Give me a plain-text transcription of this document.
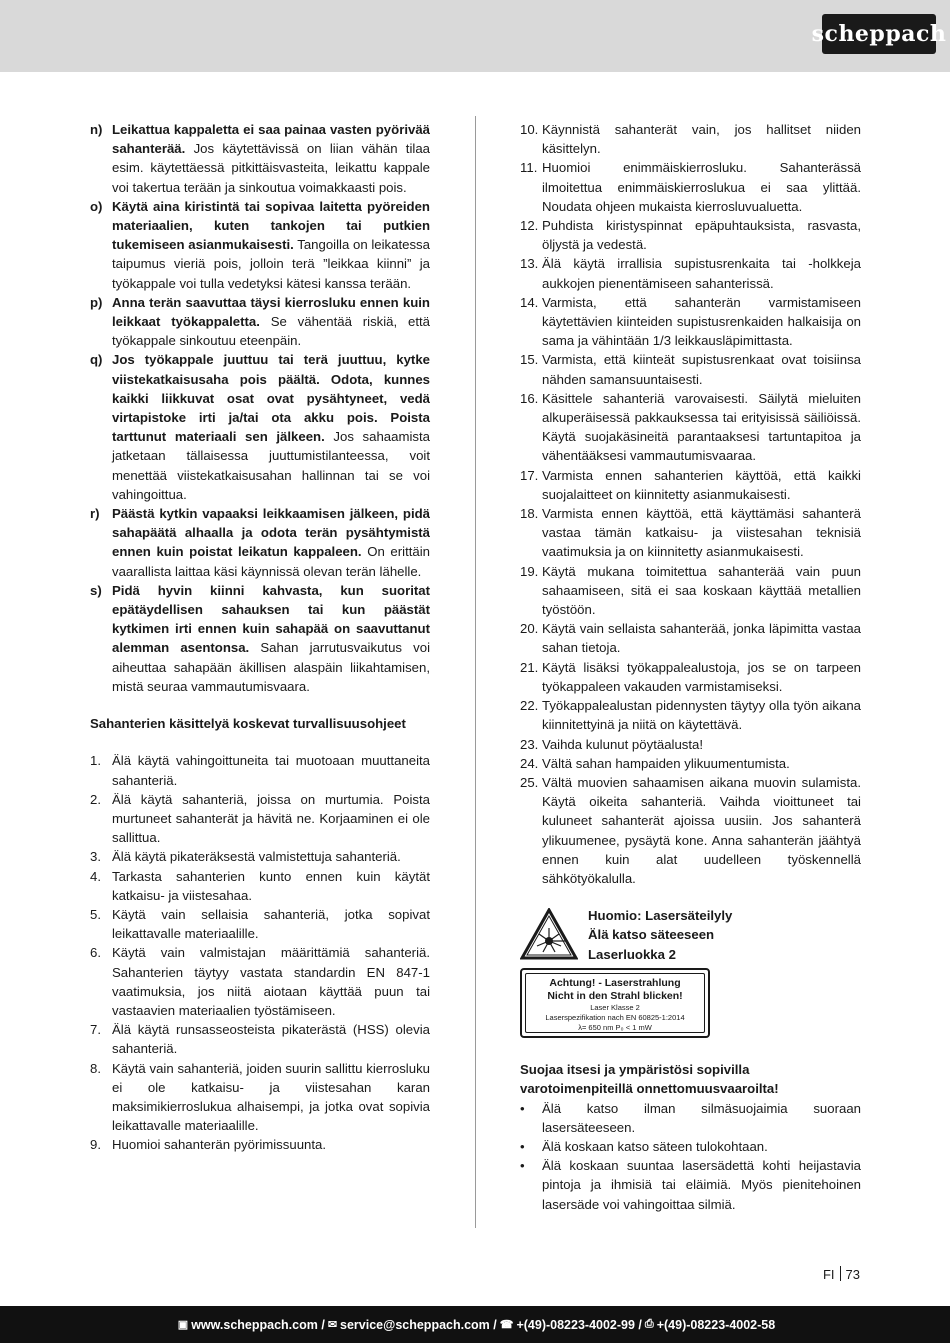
scheppach
n) Leikattua kappaletta ei saa painaa vasten pyörivää sahanterää. Jos käytettävissä on liian vähän tilaa esim. käytettäessä pitkittäisvasteita, leikattu kappale voi takertua terään ja sinkoutua voimakkaasti pois.
o) Käytä aina kiristintä tai sopivaa laitetta pyöreiden materiaalien, kuten tankojen tai putkien tukemiseen asianmukaisesti. Tangoilla on leikatessa taipumus vieriä pois, jolloin terä ”leikkaa kiinni” ja työkappale voi tulla vedetyksi kätesi kanssa terään.
p) Anna terän saavuttaa täysi kierrosluku ennen kuin leikkaat työkappaletta. Se vähentää riskiä, että työkappale sinkoutuu eteenpäin.
q) Jos työkappale juuttuu tai terä juuttuu, kytke viistekatkaisusaha pois päältä. Odota, kunnes kaikki liikkuvat osat ovat pysähtyneet, vedä virtapistoke irti ja/tai ota akku pois. Poista tarttunut materiaali sen jälkeen. Jos sahaamista jatketaan tällaisessa juuttumistilanteessa, voit menettää viistekatkaisusahan hallinnan tai se voi vahingoittua.
r) Päästä kytkin vapaaksi leikkaamisen jälkeen, pidä sahapäätä alhaalla ja odota terän pysähtymistä ennen kuin poistat leikatun kappaleen. On erittäin vaarallista laittaa käsi käynnissä olevan terän lähelle.
s) Pidä hyvin kiinni kahvasta, kun suoritat epätäydellisen sahauksen tai kun päästät kytkimen irti ennen kuin sahapää on saavuttanut alemman asentonsa. Sahan jarrutusvaikutus voi aiheuttaa sahapään äkillisen alaspäin liikahtamisen, mistä seuraa vammautumisvaara.
Sahanterien käsittelyä koskevat turvallisuusohjeet
1. Älä käytä vahingoittuneita tai muotoaan muuttaneita sahanteriä.
2. Älä käytä sahanteriä, joissa on murtumia. Poista murtuneet sahanterät ja hävitä ne. Korjaaminen ei ole sallittua.
3. Älä käytä pikateräksestä valmistettuja sahanteriä.
4. Tarkasta sahanterien kunto ennen kuin käytät katkaisu- ja viistesahaa.
5. Käytä vain sellaisia sahanteriä, jotka sopivat leikattavalle materiaalille.
6. Käytä vain valmistajan määrittämiä sahanteriä. Sahanterien täytyy vastata standardin EN 847-1 vaatimuksia, jos niitä aiotaan käyttää puun tai vastaavien materiaalien työstämiseen.
7. Älä käytä runsasseosteista pikaterästä (HSS) olevia sahanteriä.
8. Käytä vain sahanteriä, joiden suurin sallittu kierrosluku ei ole katkaisu- ja viistesahan karan maksimikierroslukua alhaisempi, ja jotka ovat sopivia leikattavalle materiaalille.
9. Huomioi sahanterän pyörimissuunta.
10. Käynnistä sahanterät vain, jos hallitset niiden käsittelyn.
11. Huomioi enimmäiskierrosluku. Sahanterässä ilmoitettua enimmäiskierroslukua ei saa ylittää. Noudata ohjeen mukaista kierrosluvualuetta.
12. Puhdista kiristyspinnat epäpuhtauksista, rasvasta, öljystä ja vedestä.
13. Älä käytä irrallisia supistusrenkaita tai -holkkeja aukkojen pienentämiseen sahanterissä.
14. Varmista, että sahanterän varmistamiseen käytettävien kiinteiden supistusrenkaiden halkaisija on sama ja vähintään 1/3 leikkausläpimittasta.
15. Varmista, että kiinteät supistusrenkaat ovat toisiinsa nähden samansuuntaisesti.
16. Käsittele sahanteriä varovaisesti. Säilytä mieluiten alkuperäisessä pakkauksessa tai erityisissä säiliöissä. Käytä suojakäsineitä parantaaksesi tartuntapitoa ja vähentääksesi vammautumisvaaraa.
17. Varmista ennen sahanterien käyttöä, että kaikki suojalaitteet on kiinnitetty asianmukaisesti.
18. Varmista ennen käyttöä, että käyttämäsi sahanterä vastaa tämän katkaisu- ja viistesahan teknisiä vaatimuksia ja on kiinnitetty asianmukaisesti.
19. Käytä mukana toimitettua sahanterää vain puun sahaamiseen, sitä ei saa koskaan käyttää metallien työstöön.
20. Käytä vain sellaista sahanterää, jonka läpimitta vastaa sahan tietoja.
21. Käytä lisäksi työkappalealustoja, jos se on tarpeen työkappaleen vakauden varmistamiseksi.
22. Työkappalealustan pidennysten täytyy olla työn aikana kiinnitettyinä ja niitä on käytettävä.
23. Vaihda kulunut pöytäalusta!
24. Vältä sahan hampaiden ylikuumentumista.
25. Vältä muovien sahaamisen aikana muovin sulamista. Käytä oikeita sahanteriä. Vaihda vioittuneet tai kuluneet sahanterät ajoissa uusiin. Jos sahanterä ylikuumenee, pysäytä kone. Anna sahanterän jäähtyä ennen kuin alat uudelleen työskennellä sähkötyökalulla.
Huomio: Lasersäteilyly
Älä katso säteeseen
Laserluokka 2
Achtung! - Laserstrahlung
Nicht in den Strahl blicken!
Laser Klasse 2
Laserspezifikation nach EN 60825-1:2014
λ= 650 nm P₀ < 1 mW
Suojaa itsesi ja ympäristösi sopivilla varotoimenpiteillä onnettomuusvaaroilta!
•	Älä katso ilman silmäsuojaimia suoraan lasersäteeseen.
•	Älä koskaan katso säteen tulokohtaan.
•	Älä koskaan suuntaa lasersädettä kohti heijastavia pintoja ja ihmisiä tai eläimiä. Myös pienitehoinen lasersäde voi vahingoittaa silmiä.
FI 73
▣ www.scheppach.com / ✉ service@scheppach.com / ☎ +(49)-08223-4002-99 / ⎙ +(49)-08223-4002-58
